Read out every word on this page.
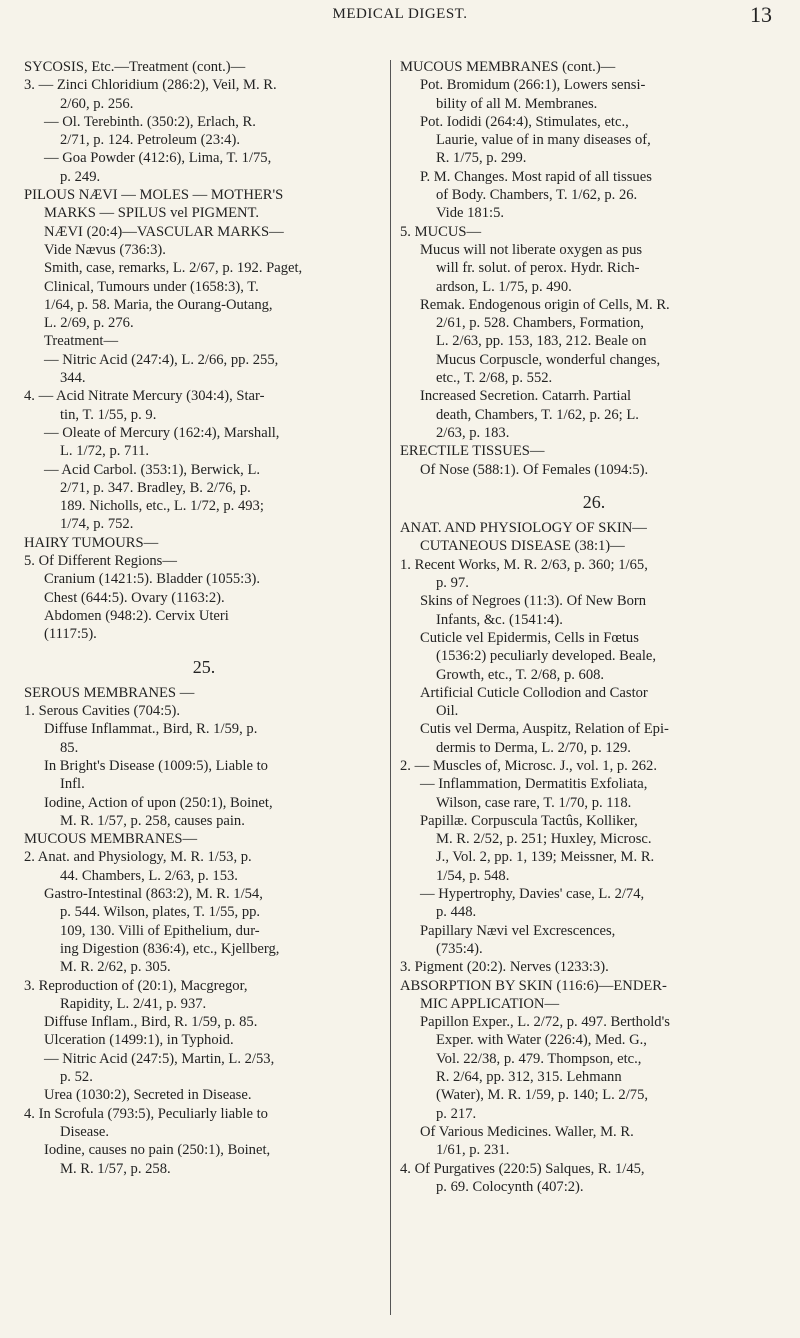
MEDICAL DIGEST.	13
SYCOSIS, Etc.—Treatment (cont.)—
3. — Zinci Chloridium (286:2), Veil, M. R.
2/60, p. 256.
— Ol. Terebinth. (350:2), Erlach, R.
2/71, p. 124. Petroleum (23:4).
— Goa Powder (412:6), Lima, T. 1/75,
p. 249.
PILOUS NÆVI — MOLES — MOTHER'S
MARKS — SPILUS vel PIGMENT.
NÆVI (20:4)—VASCULAR MARKS—
Vide Nævus (736:3).
Smith, case, remarks, L. 2/67, p. 192. Paget,
Clinical, Tumours under (1658:3), T.
1/64, p. 58. Maria, the Ourang-Outang,
L. 2/69, p. 276.
Treatment—
— Nitric Acid (247:4), L. 2/66, pp. 255,
344.
4. — Acid Nitrate Mercury (304:4), Star-
tin, T. 1/55, p. 9.
— Oleate of Mercury (162:4), Marshall,
L. 1/72, p. 711.
— Acid Carbol. (353:1), Berwick, L.
2/71, p. 347. Bradley, B. 2/76, p.
189. Nicholls, etc., L. 1/72, p. 493;
1/74, p. 752.
HAIRY TUMOURS—
5. Of Different Regions—
Cranium (1421:5). Bladder (1055:3).
Chest (644:5). Ovary (1163:2).
Abdomen (948:2). Cervix Uteri
(1117:5).
25.
SEROUS MEMBRANES —
1. Serous Cavities (704:5).
Diffuse Inflammat., Bird, R. 1/59, p.
85.
In Bright's Disease (1009:5), Liable to
Infl.
Iodine, Action of upon (250:1), Boinet,
M. R. 1/57, p. 258, causes pain.
MUCOUS MEMBRANES—
2. Anat. and Physiology, M. R. 1/53, p.
44. Chambers, L. 2/63, p. 153.
Gastro-Intestinal (863:2), M. R. 1/54,
p. 544. Wilson, plates, T. 1/55, pp.
109, 130. Villi of Epithelium, dur-
ing Digestion (836:4), etc., Kjellberg,
M. R. 2/62, p. 305.
3. Reproduction of (20:1), Macgregor,
Rapidity, L. 2/41, p. 937.
Diffuse Inflam., Bird, R. 1/59, p. 85.
Ulceration (1499:1), in Typhoid.
— Nitric Acid (247:5), Martin, L. 2/53,
p. 52.
Urea (1030:2), Secreted in Disease.
4. In Scrofula (793:5), Peculiarly liable to
Disease.
Iodine, causes no pain (250:1), Boinet,
M. R. 1/57, p. 258.
MUCOUS MEMBRANES (cont.)—
Pot. Bromidum (266:1), Lowers sensi-
bility of all M. Membranes.
Pot. Iodidi (264:4), Stimulates, etc.,
Laurie, value of in many diseases of,
R. 1/75, p. 299.
P. M. Changes. Most rapid of all tissues
of Body. Chambers, T. 1/62, p. 26.
Vide 181:5.
5. MUCUS—
Mucus will not liberate oxygen as pus
will fr. solut. of perox. Hydr. Rich-
ardson, L. 1/75, p. 490.
Remak. Endogenous origin of Cells, M. R.
2/61, p. 528. Chambers, Formation,
L. 2/63, pp. 153, 183, 212. Beale on
Mucus Corpuscle, wonderful changes,
etc., T. 2/68, p. 552.
Increased Secretion. Catarrh. Partial
death, Chambers, T. 1/62, p. 26; L.
2/63, p. 183.
ERECTILE TISSUES—
Of Nose (588:1). Of Females (1094:5).
26.
ANAT. AND PHYSIOLOGY OF SKIN—
CUTANEOUS DISEASE (38:1)—
1. Recent Works, M. R. 2/63, p. 360; 1/65,
p. 97.
Skins of Negroes (11:3). Of New Born
Infants, &c. (1541:4).
Cuticle vel Epidermis, Cells in Fœtus
(1536:2) peculiarly developed. Beale,
Growth, etc., T. 2/68, p. 608.
Artificial Cuticle Collodion and Castor
Oil.
Cutis vel Derma, Auspitz, Relation of Epi-
dermis to Derma, L. 2/70, p. 129.
2. — Muscles of, Microsc. J., vol. 1, p. 262.
— Inflammation, Dermatitis Exfoliata,
Wilson, case rare, T. 1/70, p. 118.
Papillæ. Corpuscula Tactûs, Kolliker,
M. R. 2/52, p. 251; Huxley, Microsc.
J., Vol. 2, pp. 1, 139; Meissner, M. R.
1/54, p. 548.
— Hypertrophy, Davies' case, L. 2/74,
p. 448.
Papillary Nævi vel Excrescences,
(735:4).
3. Pigment (20:2). Nerves (1233:3).
ABSORPTION BY SKIN (116:6)—ENDER-
MIC APPLICATION—
Papillon Exper., L. 2/72, p. 497. Berthold's
Exper. with Water (226:4), Med. G.,
Vol. 22/38, p. 479. Thompson, etc.,
R. 2/64, pp. 312, 315. Lehmann
(Water), M. R. 1/59, p. 140; L. 2/75,
p. 217.
Of Various Medicines. Waller, M. R.
1/61, p. 231.
4. Of Purgatives (220:5) Salques, R. 1/45,
p. 69. Colocynth (407:2).
